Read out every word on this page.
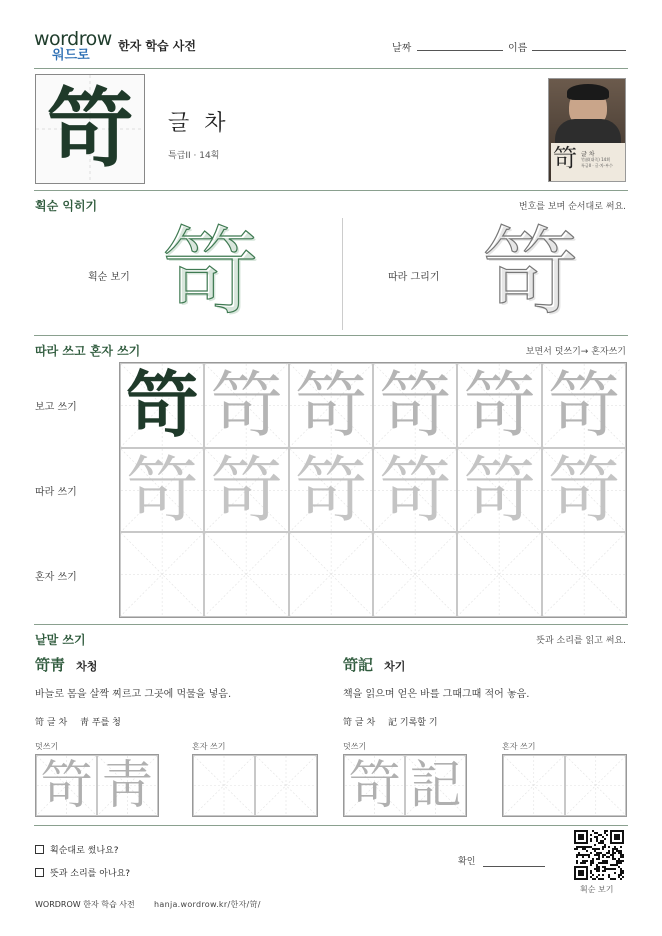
wordrow
워드로
한자 학습 사전	날짜	이름
笴	글 차
특급II · 14획	笴 글 차
竹部(대죽) 14획
특급II · 글·차·부수
획순 익히기	번호를 보며 순서대로 써요.
획순 보기 笴	따라 그리기 笴
따라 쓰고 혼자 쓰기	보면서 덧쓰기→ 혼자쓰기
보고 쓰기
따라 쓰기
혼자 쓰기
笴 笴 笴 笴 笴 笴
笴 笴 笴 笴 笴 笴
낱말 쓰기	뜻과 소리를 읽고 써요.
笴靑 차청
바늘로 몸을 살짝 찌르고 그곳에 먹물을 넣음.
笴 글 차 靑 푸를 청
덧쓰기	혼자 쓰기
笴 靑
笴記 차기
책을 읽으며 얻은 바를 그때그때 적어 놓음.
笴 글 차 記 기록할 기
덧쓰기	혼자 쓰기
笴 記
획순대로 썼나요?
뜻과 소리를 아나요?
확인
획순 보기
WORDROW 한자 학습 사전 hanja.wordrow.kr/한자/笴/
